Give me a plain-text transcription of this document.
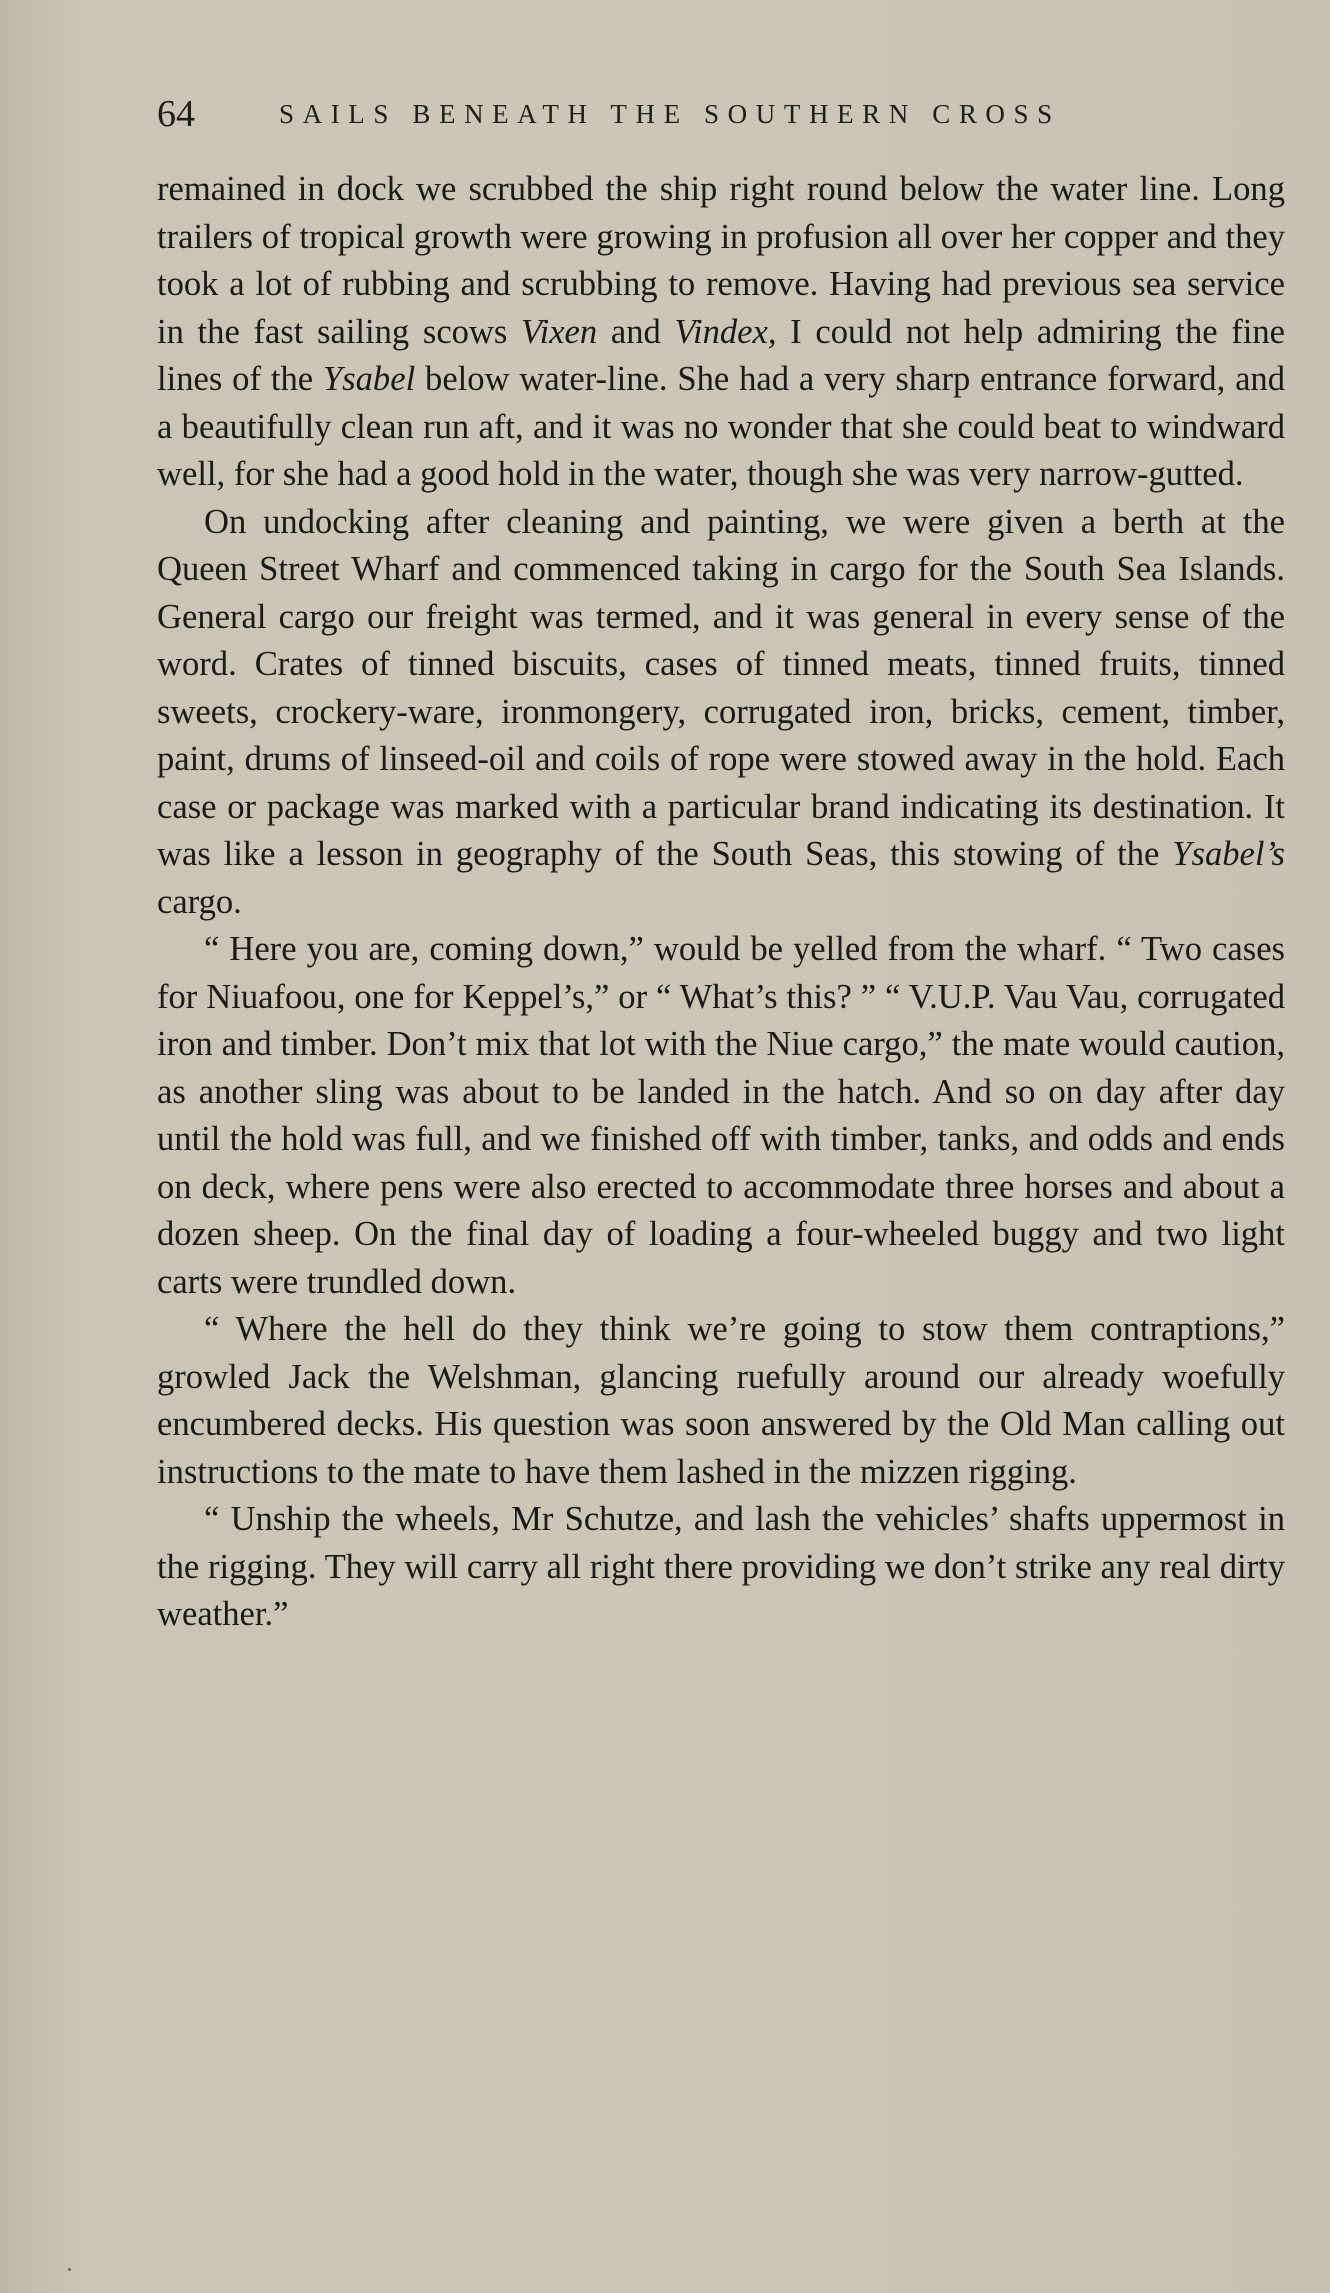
64	SAILS BENEATH THE SOUTHERN CROSS

remained in dock we scrubbed the ship right round below the water line. Long trailers of tropical growth were growing in profusion all over her copper and they took a lot of rubbing and scrubbing to remove. Having had previous sea service in the fast sailing scows Vixen and Vindex, I could not help admiring the fine lines of the Ysabel below water-line. She had a very sharp entrance forward, and a beautifully clean run aft, and it was no wonder that she could beat to windward well, for she had a good hold in the water, though she was very narrow-gutted.

On undocking after cleaning and painting, we were given a berth at the Queen Street Wharf and commenced taking in cargo for the South Sea Islands. General cargo our freight was termed, and it was general in every sense of the word. Crates of tinned biscuits, cases of tinned meats, tinned fruits, tinned sweets, crockery-ware, ironmongery, corrugated iron, bricks, cement, timber, paint, drums of linseed-oil and coils of rope were stowed away in the hold. Each case or package was marked with a particular brand indicating its destination. It was like a lesson in geography of the South Seas, this stowing of the Ysabel’s cargo.

“ Here you are, coming down,” would be yelled from the wharf. “ Two cases for Niuafoou, one for Keppel’s,” or “ What’s this? ” “ V.U.P. Vau Vau, corrugated iron and timber. Don’t mix that lot with the Niue cargo,” the mate would caution, as another sling was about to be landed in the hatch. And so on day after day until the hold was full, and we finished off with timber, tanks, and odds and ends on deck, where pens were also erected to accommodate three horses and about a dozen sheep. On the final day of loading a four-wheeled buggy and two light carts were trundled down.

“ Where the hell do they think we’re going to stow them contraptions,” growled Jack the Welshman, glancing ruefully around our already woefully encumbered decks. His question was soon answered by the Old Man calling out instructions to the mate to have them lashed in the mizzen rigging.

“ Unship the wheels, Mr Schutze, and lash the vehicles’ shafts uppermost in the rigging. They will carry all right there providing we don’t strike any real dirty weather.”
